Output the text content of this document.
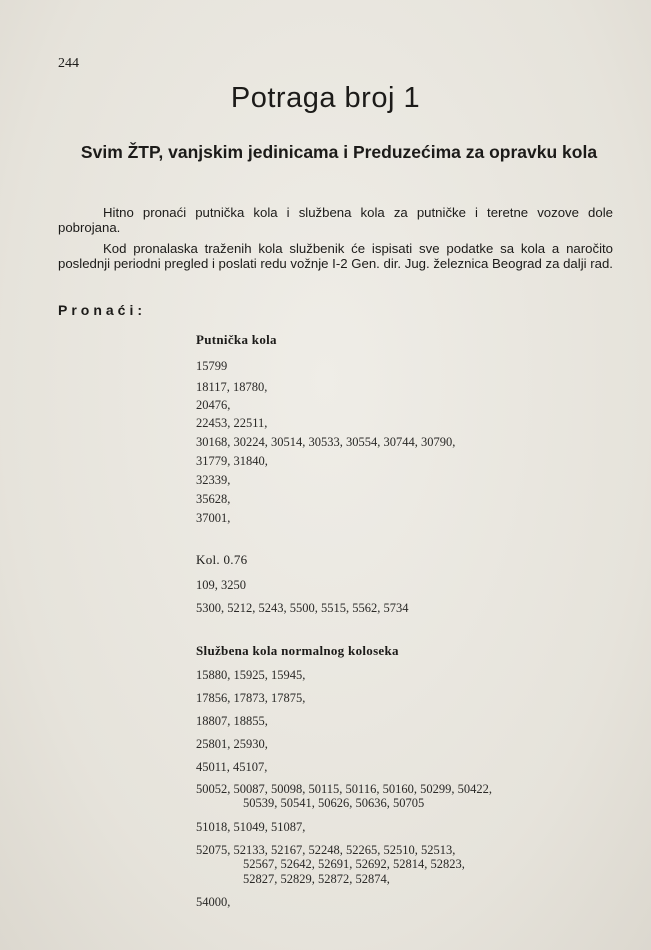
244
Potraga broj 1
Svim ŽTP, vanjskim jedinicama i Preduzećima za opravku kola
Hitno pronaći putnička kola i službena kola za putničke i teretne vozove dole pobrojana.
Kod pronalaska traženih kola službenik će ispisati sve podatke sa kola a naročito poslednji periodni pregled i poslati redu vožnje I-2 Gen. dir. Jug. železnica Beograd za dalji rad.
Pronaći:
Putnička kola
15799
18117, 18780,
20476,
22453, 22511,
30168, 30224, 30514, 30533, 30554, 30744, 30790,
31779, 31840,
32339,
35628,
37001,
Kol. 0.76
109, 3250
5300, 5212, 5243, 5500, 5515, 5562, 5734
Službena kola normalnog koloseka
15880, 15925, 15945,
17856, 17873, 17875,
18807, 18855,
25801, 25930,
45011, 45107,
50052, 50087, 50098, 50115, 50116, 50160, 50299, 50422,
50539, 50541, 50626, 50636, 50705
51018, 51049, 51087,
52075, 52133, 52167, 52248, 52265, 52510, 52513,
52567, 52642, 52691, 52692, 52814, 52823,
52827, 52829, 52872, 52874,
54000,
